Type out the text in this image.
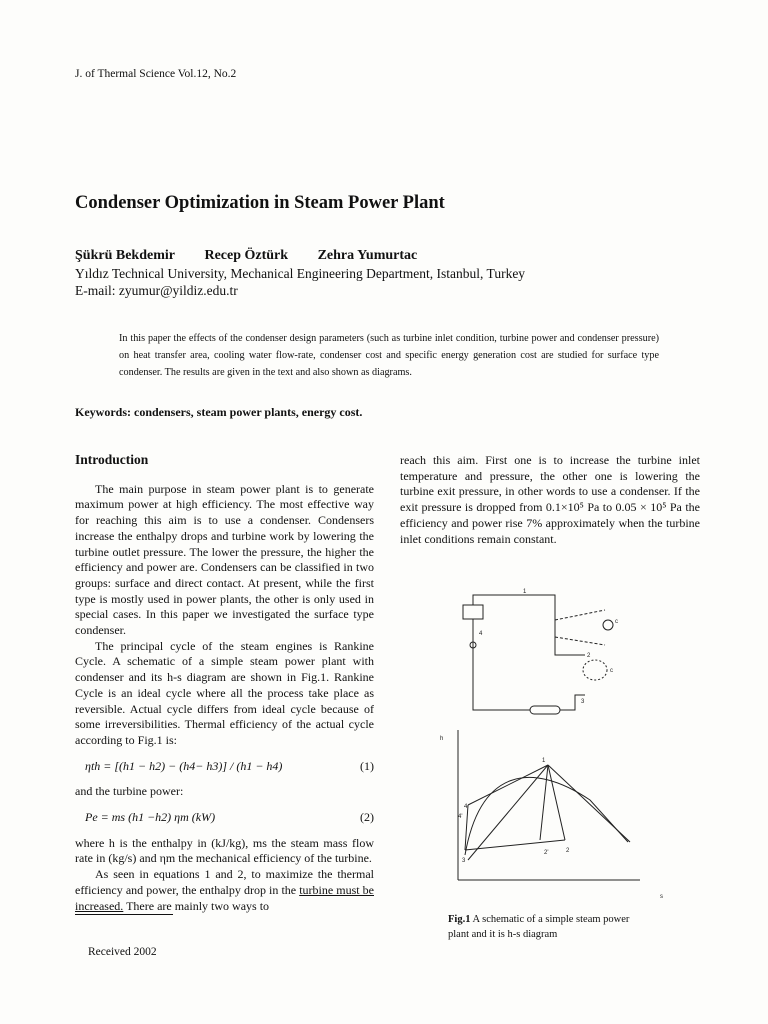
J. of Thermal Science Vol.12, No.2
Condenser Optimization in Steam Power Plant
Şükrü Bekdemir Recep Öztürk Zehra Yumurtac
Yıldız Technical University, Mechanical Engineering Department, Istanbul, Turkey
E-mail: zyumur@yildiz.edu.tr
In this paper the effects of the condenser design parameters (such as turbine inlet condition, turbine power and condenser pressure) on heat transfer area, cooling water flow-rate, condenser cost and specific energy generation cost are studied for surface type condenser. The results are given in the text and also shown as diagrams.
Keywords: condensers, steam power plants, energy cost.
Introduction

The main purpose in steam power plant is to generate maximum power at high efficiency. The most effective way for reaching this aim is to use a condenser. Condensers increase the enthalpy drops and turbine work by lowering the turbine outlet pressure. The lower the pressure, the higher the efficiency and power are. Condensers can be classified in two groups: surface and direct contact. At present, while the first type is mostly used in power plants, the other is only used in special cases. In this paper we investigated the surface type condenser.

The principal cycle of the steam engines is Rankine Cycle. A schematic of a simple steam power plant with condenser and its h-s diagram are shown in Fig.1. Rankine Cycle is an ideal cycle where all the process take place as reversible. Actual cycle differs from ideal cycle because of some irreversibilities. Thermal efficiency of the actual cycle according to Fig.1 is:

ηth = [(h1 − h2) − (h4− h3)] / (h1 − h4)	(1)

and the turbine power:

Pe = ms (h1 −h2) ηm (kW)	(2)

where h is the enthalpy in (kJ/kg), ms the steam mass flow rate in (kg/s) and ηm the mechanical efficiency of the turbine.

As seen in equations 1 and 2, to maximize the thermal efficiency and power, the enthalpy drop in the turbine must be increased. There are mainly two ways to

Received 2002

reach this aim. First one is to increase the turbine inlet temperature and pressure, the other one is lowering the turbine exit pressure, in other words to use a condenser. If the exit pressure is dropped from 0.1×10⁵ Pa to 0.05 × 10⁵ Pa the efficiency and power rise 7% approximately when the turbine inlet conditions remain constant.

1
2
3
4
c
c
h
s
1
2
2'
3
4
4'
Fig.1 A schematic of a simple steam power plant and it is h-s diagram
